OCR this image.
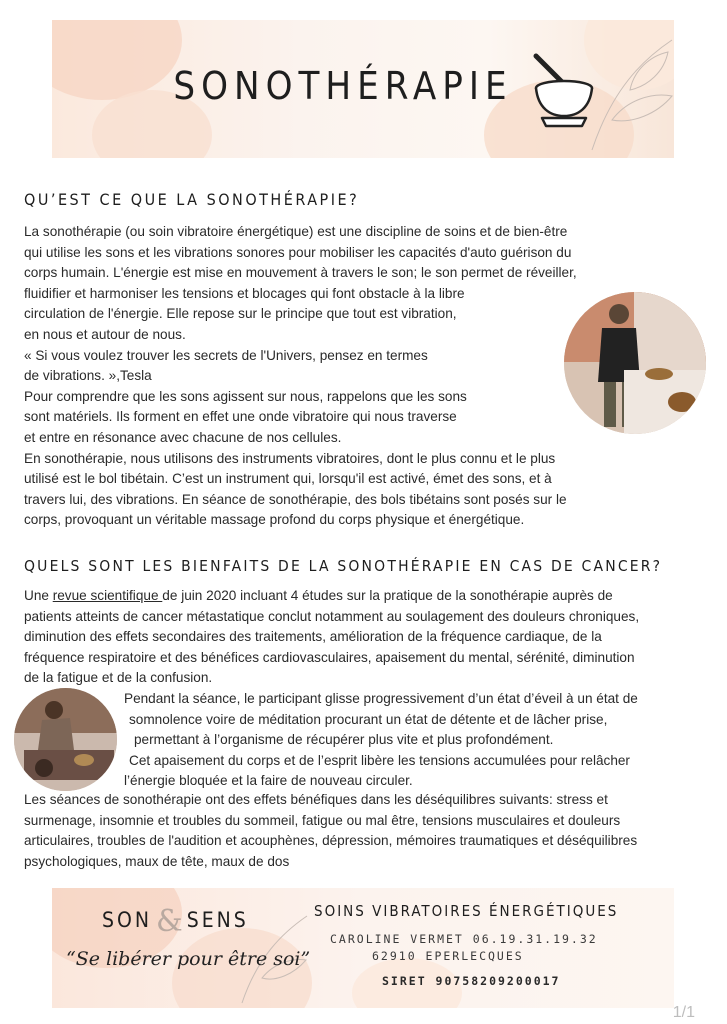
SONOTHÉRAPIE
QU’EST CE QUE LA SONOTHÉRAPIE?
La sonothérapie (ou soin vibratoire énergétique) est une discipline de soins et de bien-être
qui utilise les sons et les vibrations sonores pour mobiliser les capacités d'auto guérison du
corps humain. L'énergie est mise en mouvement à travers le son; le son permet de réveiller,
fluidifier et harmoniser les tensions et blocages qui font obstacle à la libre
circulation de l'énergie. Elle repose sur le principe que tout est vibration,
en nous et autour de nous.
« Si vous voulez trouver les secrets de l'Univers, pensez en termes
de vibrations. »,Tesla
Pour comprendre que les sons agissent sur nous, rappelons que les sons
sont matériels. Ils forment en effet une onde vibratoire qui nous traverse
et entre en résonance avec chacune de nos cellules.
En sonothérapie, nous utilisons des instruments vibratoires, dont le plus connu et le plus
utilisé est le bol tibétain. C’est un instrument qui, lorsqu'il est activé, émet des sons, et à
travers lui, des vibrations. En séance de sonothérapie, des bols tibétains sont posés sur le
corps, provoquant un véritable massage profond du corps physique et énergétique.
QUELS SONT LES BIENFAITS DE LA SONOTHÉRAPIE EN CAS DE CANCER?
Une revue scientifique de juin 2020 incluant 4 études sur la pratique de la sonothérapie auprès de
patients atteints de cancer métastatique conclut notamment au soulagement des douleurs chroniques,
diminution des effets secondaires des traitements, amélioration de la fréquence cardiaque, de la
fréquence respiratoire et des bénéfices cardiovasculaires, apaisement du mental, sérénité, diminution
de la fatigue et de la confusion.
Pendant la séance, le participant glisse progressivement d’un état d’éveil à un état de
somnolence voire de méditation procurant un état de détente et de lâcher prise,
permettant à l’organisme de récupérer plus vite et plus profondément.
Cet apaisement du corps et de l’esprit libère les tensions accumulées pour relâcher
l’énergie bloquée et la faire de nouveau circuler.
Les séances de sonothérapie ont des effets bénéfiques dans les déséquilibres suivants: stress et
surmenage, insomnie et troubles du sommeil, fatigue ou mal être, tensions musculaires et douleurs
articulaires, troubles de l'audition et acouphènes, dépression, mémoires traumatiques et déséquilibres
psychologiques, maux de tête, maux de dos
SON & SENS
“Se libérer pour être soi”
SOINS VIBRATOIRES ÉNERGÉTIQUES
CAROLINE VERMET 06.19.31.19.32
62910 EPERLECQUES
SIRET 90758209200017
1/1
